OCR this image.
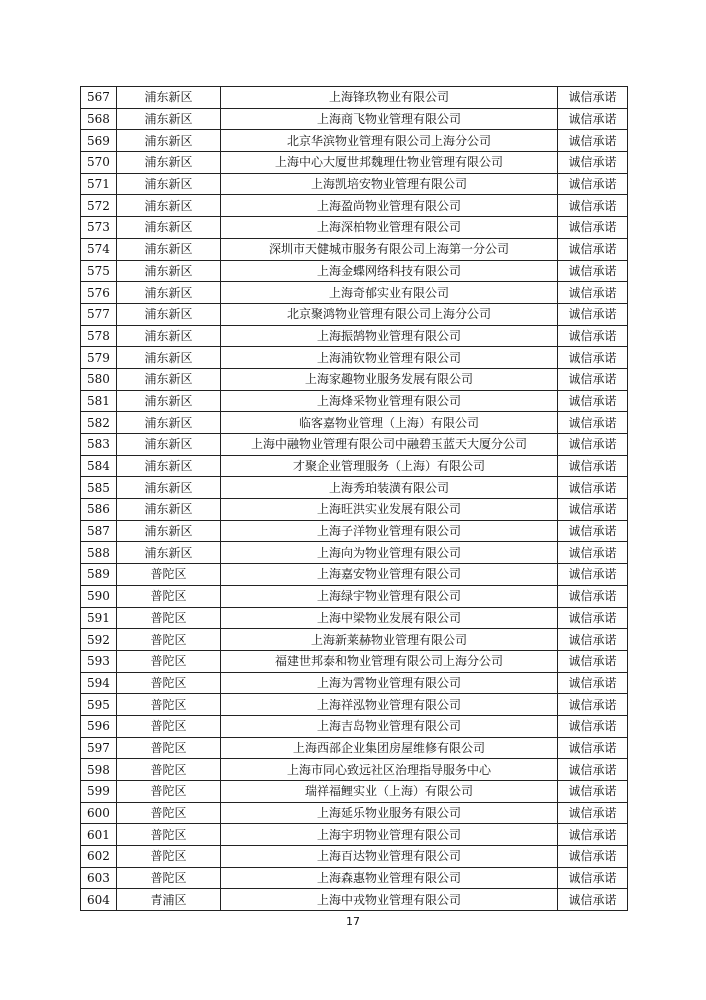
567	浦东新区	上海锋玖物业有限公司	诚信承诺
568	浦东新区	上海商飞物业管理有限公司	诚信承诺
569	浦东新区	北京华滨物业管理有限公司上海分公司	诚信承诺
570	浦东新区	上海中心大厦世邦魏理仕物业管理有限公司	诚信承诺
571	浦东新区	上海凯培安物业管理有限公司	诚信承诺
572	浦东新区	上海盈尚物业管理有限公司	诚信承诺
573	浦东新区	上海深柏物业管理有限公司	诚信承诺
574	浦东新区	深圳市天健城市服务有限公司上海第一分公司	诚信承诺
575	浦东新区	上海金蝶网络科技有限公司	诚信承诺
576	浦东新区	上海奇郁实业有限公司	诚信承诺
577	浦东新区	北京聚鸿物业管理有限公司上海分公司	诚信承诺
578	浦东新区	上海振鹄物业管理有限公司	诚信承诺
579	浦东新区	上海浦钦物业管理有限公司	诚信承诺
580	浦东新区	上海家趣物业服务发展有限公司	诚信承诺
581	浦东新区	上海烽采物业管理有限公司	诚信承诺
582	浦东新区	临客嘉物业管理（上海）有限公司	诚信承诺
583	浦东新区	上海中融物业管理有限公司中融碧玉蓝天大厦分公司	诚信承诺
584	浦东新区	才聚企业管理服务（上海）有限公司	诚信承诺
585	浦东新区	上海秀珀装潢有限公司	诚信承诺
586	浦东新区	上海旺洪实业发展有限公司	诚信承诺
587	浦东新区	上海子洋物业管理有限公司	诚信承诺
588	浦东新区	上海向为物业管理有限公司	诚信承诺
589	普陀区	上海嘉安物业管理有限公司	诚信承诺
590	普陀区	上海绿宇物业管理有限公司	诚信承诺
591	普陀区	上海中梁物业发展有限公司	诚信承诺
592	普陀区	上海新莱赫物业管理有限公司	诚信承诺
593	普陀区	福建世邦泰和物业管理有限公司上海分公司	诚信承诺
594	普陀区	上海为霄物业管理有限公司	诚信承诺
595	普陀区	上海祥泓物业管理有限公司	诚信承诺
596	普陀区	上海吉岛物业管理有限公司	诚信承诺
597	普陀区	上海西部企业集团房屋维修有限公司	诚信承诺
598	普陀区	上海市同心致远社区治理指导服务中心	诚信承诺
599	普陀区	瑞祥福鲤实业（上海）有限公司	诚信承诺
600	普陀区	上海延乐物业服务有限公司	诚信承诺
601	普陀区	上海宇玥物业管理有限公司	诚信承诺
602	普陀区	上海百达物业管理有限公司	诚信承诺
603	普陀区	上海森惠物业管理有限公司	诚信承诺
604	青浦区	上海中戎物业管理有限公司	诚信承诺
17
